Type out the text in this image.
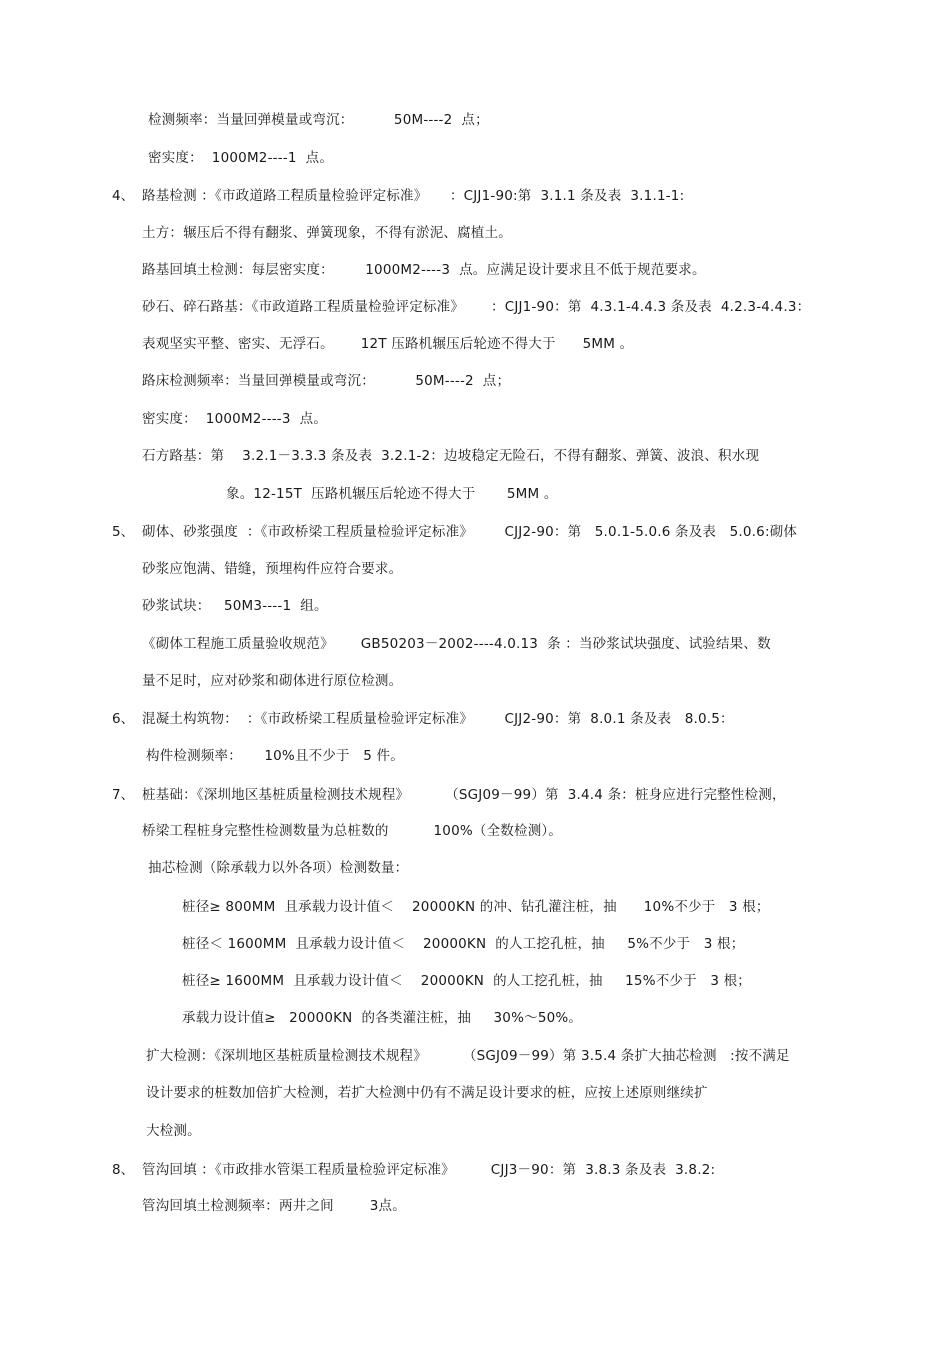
检测频率：当量回弹模量或弯沉：         50M----2  点；
密实度：  1000M2----1  点。
4、 路基检测 ：《市政道路工程质量检验评定标准》     ：CJJ1-90:第  3.1.1 条及表  3.1.1-1:
土方：辗压后不得有翻浆、弹簧现象，不得有淤泥、腐植土。
路基回填土检测：每层密实度：       1000M2----3  点。应满足设计要求且不低于规范要求。
砂石、碎石路基：《市政道路工程质量检验评定标准》      ：CJJ1-90：第  4.3.1-4.4.3 条及表  4.2.3-4.4.3：
表观坚实平整、密实、无浮石。      12T 压路机辗压后轮迹不得大于      5MM 。
路床检测频率：当量回弹模量或弯沉：         50M----2  点；
密实度：  1000M2----3  点。
石方路基：第    3.2.1－3.3.3 条及表  3.2.1-2：边坡稳定无险石，不得有翻浆、弹簧、波浪、积水现
象。12-15T  压路机辗压后轮迹不得大于       5MM 。
5、 砌体、砂浆强度  ：《市政桥梁工程质量检验评定标准》       CJJ2-90：第   5.0.1-5.0.6 条及表   5.0.6:砌体
砂浆应饱满、错缝，预埋构件应符合要求。
砂浆试块：   50M3----1  组。
《砌体工程施工质量验收规范》      GB50203－2002----4.0.13  条 ：当砂浆试块强度、试验结果、数
量不足时，应对砂浆和砌体进行原位检测。
6、 混凝土构筑物：  ：《市政桥梁工程质量检验评定标准》       CJJ2-90：第  8.0.1 条及表   8.0.5：
构件检测频率：     10%且不少于   5 件。
7、 桩基础：《深圳地区基桩质量检测技术规程》        （SGJ09－99）第  3.4.4 条：桩身应进行完整性检测，
桥梁工程桩身完整性检测数量为总桩数的          100%（全数检测）。
抽芯检测（除承载力以外各项）检测数量：
桩径≥ 800MM  且承载力设计值＜    20000KN 的冲、钻孔灌注桩，抽      10%不少于   3 根；
桩径＜ 1600MM  且承载力设计值＜    20000KN  的人工挖孔桩，抽     5%不少于   3 根；
桩径≥ 1600MM  且承载力设计值＜    20000KN  的人工挖孔桩，抽     15%不少于   3 根；
承载力设计值≥   20000KN  的各类灌注桩，抽     30%～50%。
扩大检测：《深圳地区基桩质量检测技术规程》        （SGJ09－99）第 3.5.4 条扩大抽芯检测   :按不满足
设计要求的桩数加倍扩大检测，若扩大检测中仍有不满足设计要求的桩，应按上述原则继续扩
大检测。
8、 管沟回填 ：《市政排水管渠工程质量检验评定标准》        CJJ3－90：第  3.8.3 条及表  3.8.2:
管沟回填土检测频率：两井之间        3点。
